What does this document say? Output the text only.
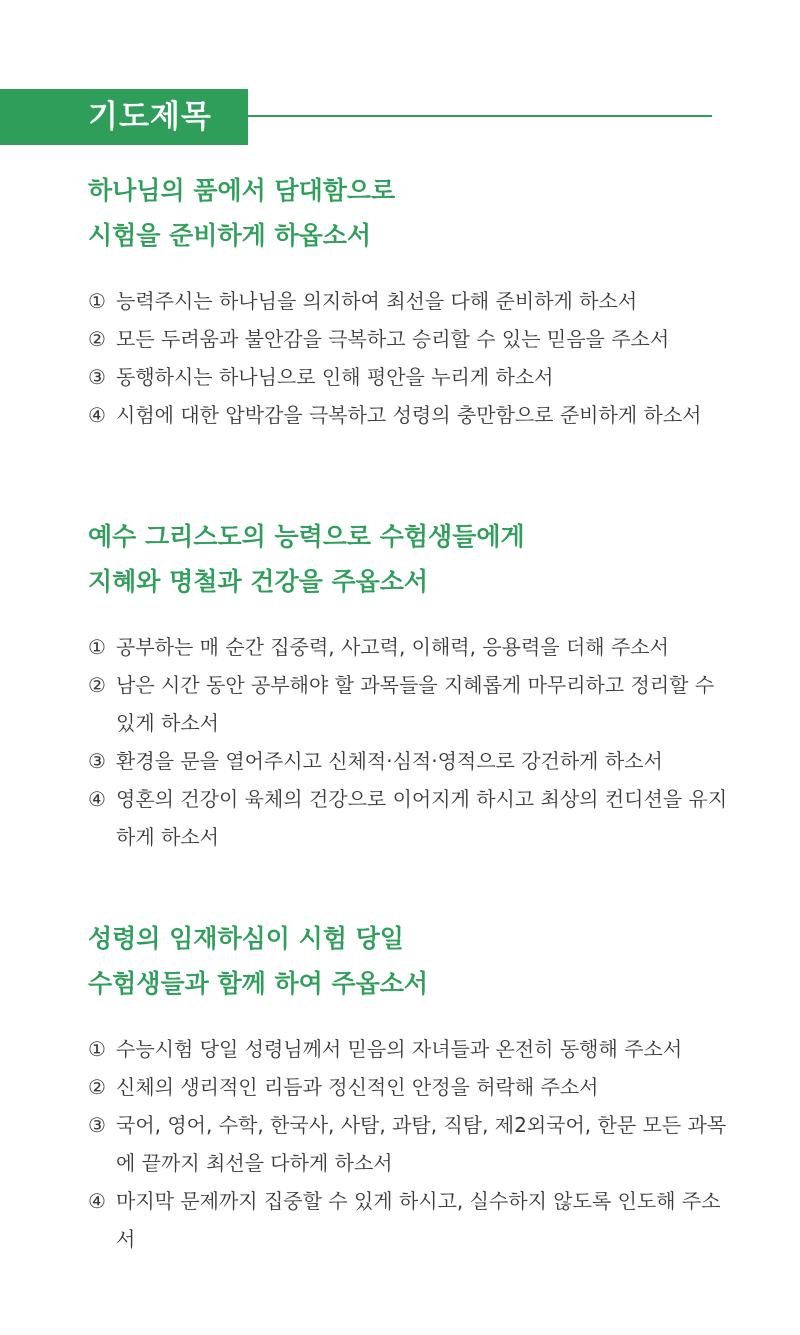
기도제목
하나님의 품에서 담대함으로
시험을 준비하게 하옵소서
① 능력주시는 하나님을 의지하여 최선을 다해 준비하게 하소서
② 모든 두려움과 불안감을 극복하고 승리할 수 있는 믿음을 주소서
③ 동행하시는 하나님으로 인해 평안을 누리게 하소서
④ 시험에 대한 압박감을 극복하고 성령의 충만함으로 준비하게 하소서
예수 그리스도의 능력으로 수험생들에게
지혜와 명철과 건강을 주옵소서
① 공부하는 매 순간 집중력, 사고력, 이해력, 응용력을 더해 주소서
② 남은 시간 동안 공부해야 할 과목들을 지혜롭게 마무리하고 정리할 수 있게 하소서
③ 환경을 문을 열어주시고 신체적·심적·영적으로 강건하게 하소서
④ 영혼의 건강이 육체의 건강으로 이어지게 하시고 최상의 컨디션을 유지하게 하소서
성령의 임재하심이 시험 당일
수험생들과 함께 하여 주옵소서
① 수능시험 당일 성령님께서 믿음의 자녀들과 온전히 동행해 주소서
② 신체의 생리적인 리듬과 정신적인 안정을 허락해 주소서
③ 국어, 영어, 수학, 한국사, 사탐, 과탐, 직탐, 제2외국어, 한문 모든 과목에 끝까지 최선을 다하게 하소서
④ 마지막 문제까지 집중할 수 있게 하시고, 실수하지 않도록 인도해 주소서
